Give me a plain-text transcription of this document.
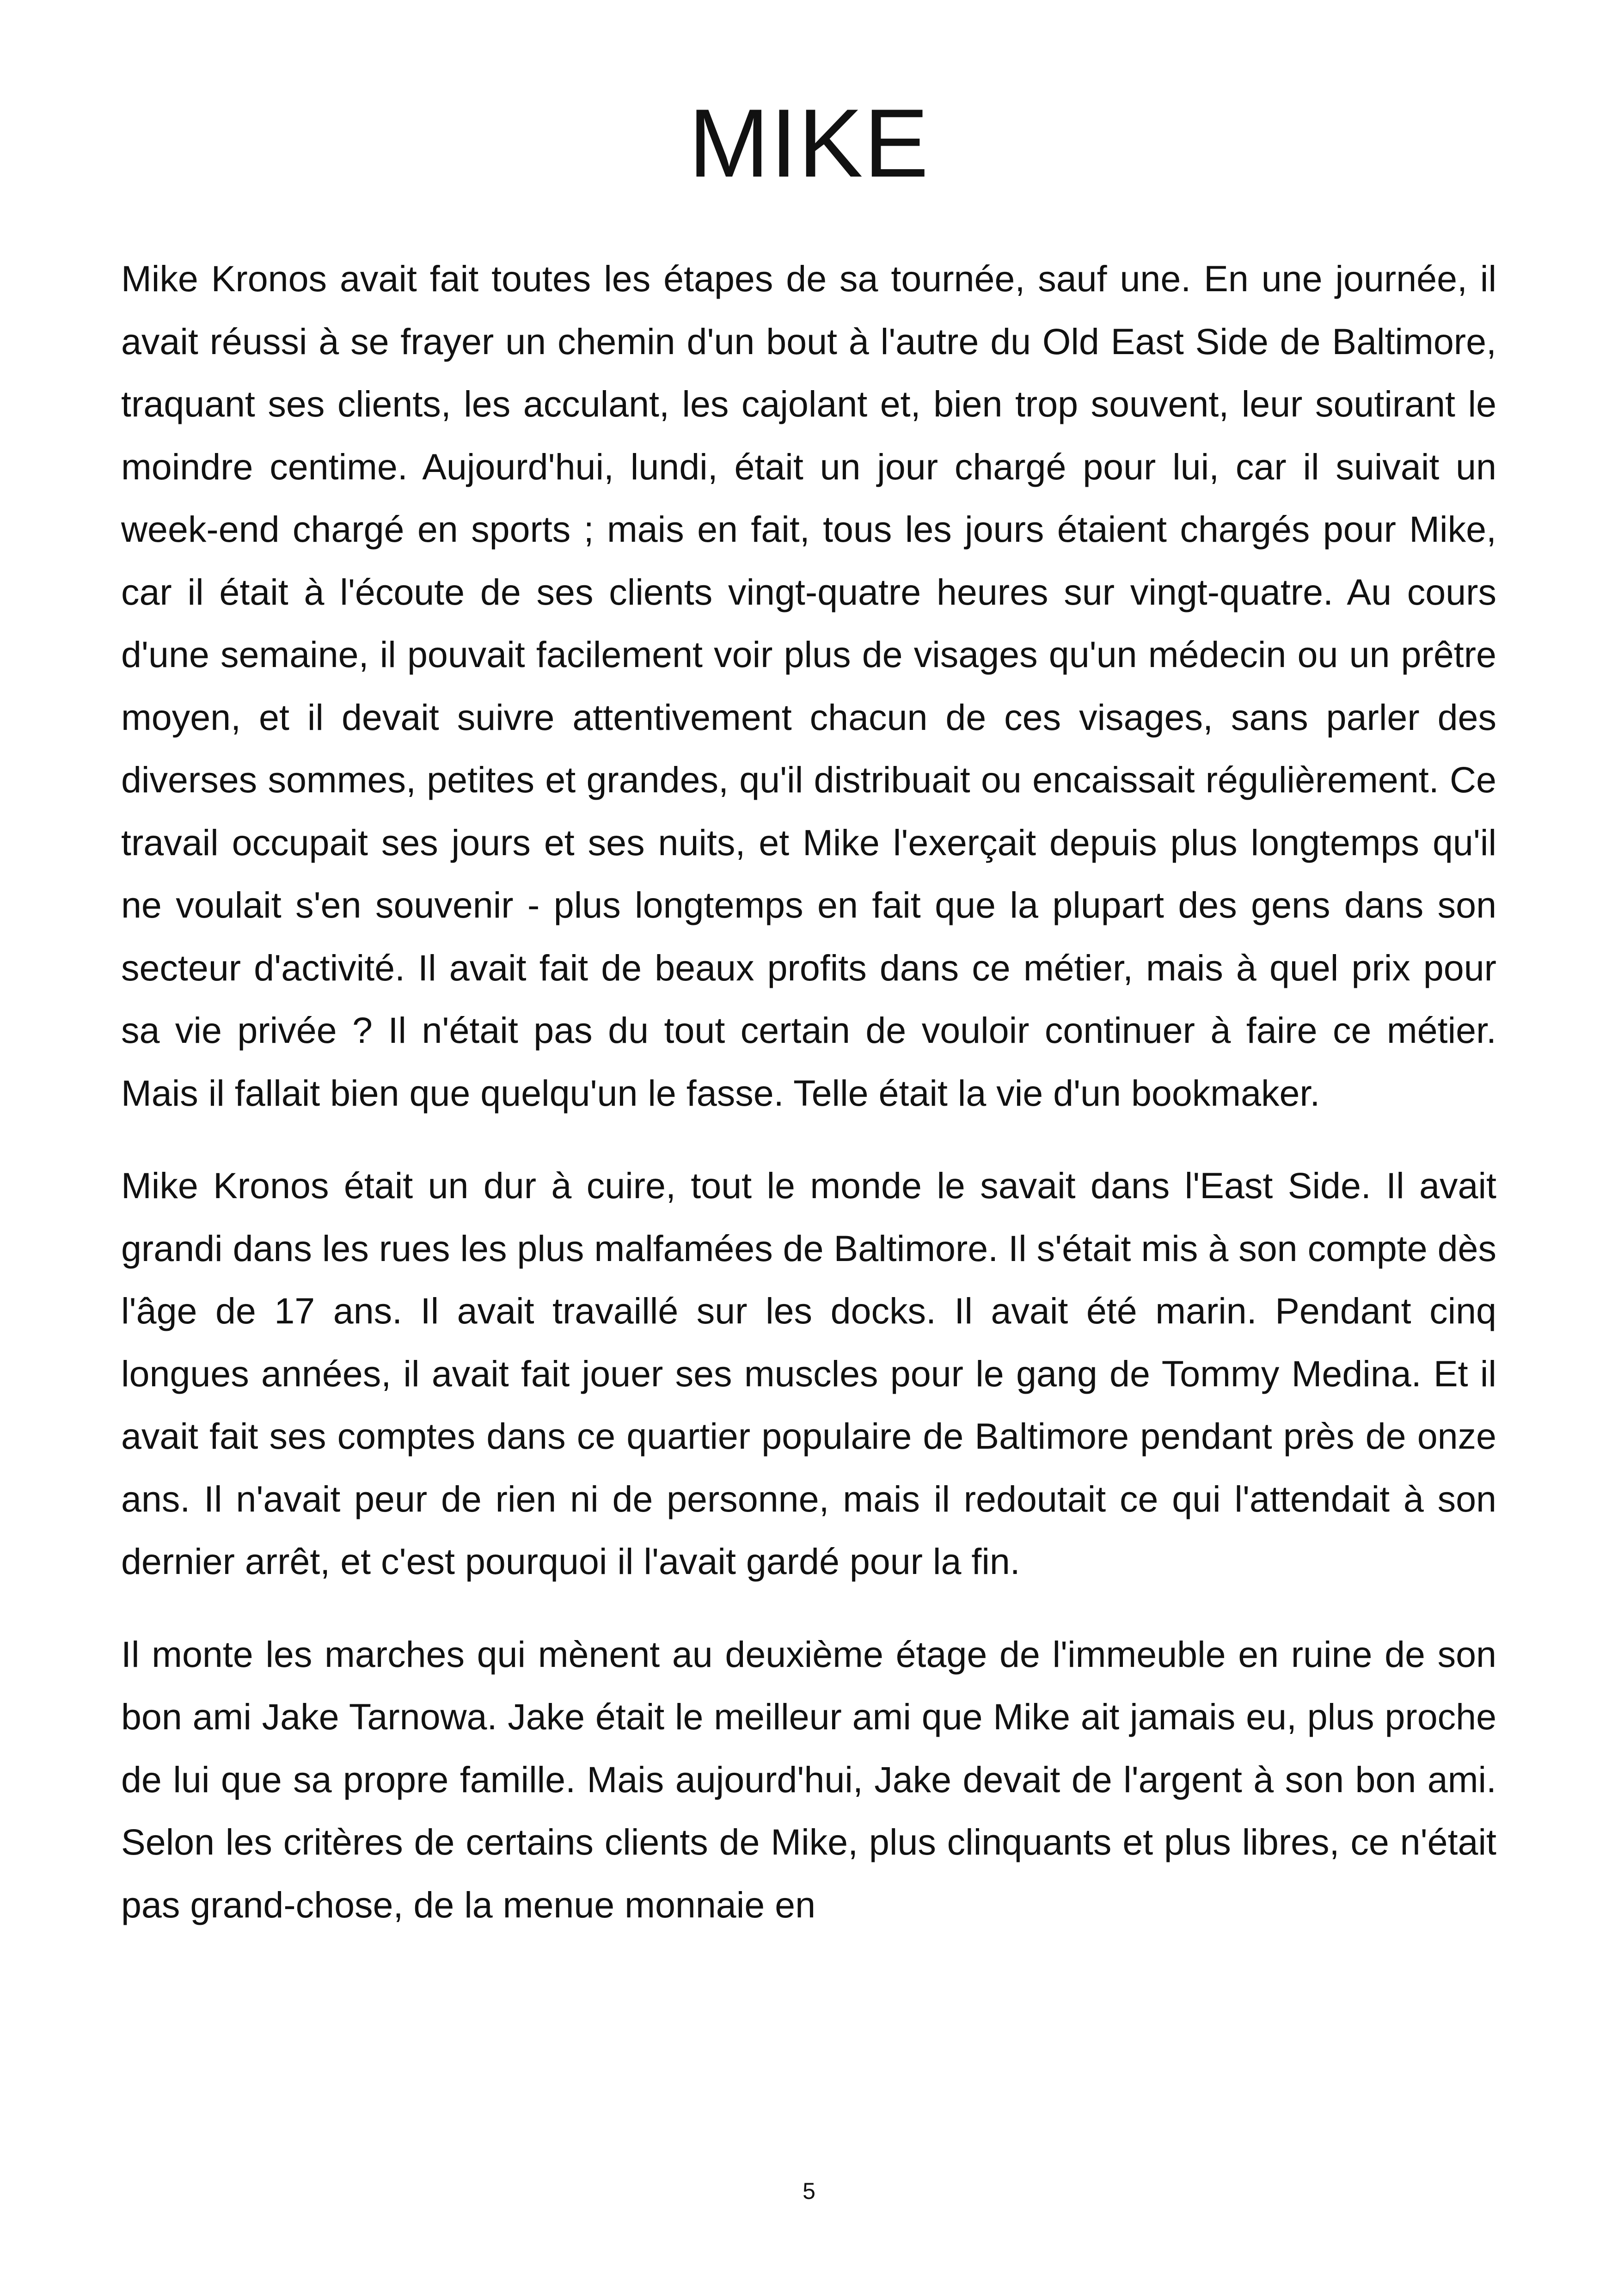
MIKE

Mike Kronos avait fait toutes les étapes de sa tournée, sauf une. En une journée, il avait réussi à se frayer un chemin d'un bout à l'autre du Old East Side de Baltimore, traquant ses clients, les acculant, les cajolant et, bien trop souvent, leur soutirant le moindre centime. Aujourd'hui, lundi, était un jour chargé pour lui, car il suivait un week-end chargé en sports ; mais en fait, tous les jours étaient chargés pour Mike, car il était à l'écoute de ses clients vingt-quatre heures sur vingt-quatre. Au cours d'une semaine, il pouvait facilement voir plus de visages qu'un médecin ou un prêtre moyen, et il devait suivre attentivement chacun de ces visages, sans parler des diverses sommes, petites et grandes, qu'il distribuait ou encaissait régulièrement. Ce travail occupait ses jours et ses nuits, et Mike l'exerçait depuis plus longtemps qu'il ne voulait s'en souvenir - plus longtemps en fait que la plupart des gens dans son secteur d'activité. Il avait fait de beaux profits dans ce métier, mais à quel prix pour sa vie privée ? Il n'était pas du tout certain de vouloir continuer à faire ce métier. Mais il fallait bien que quelqu'un le fasse. Telle était la vie d'un bookmaker.

Mike Kronos était un dur à cuire, tout le monde le savait dans l'East Side. Il avait grandi dans les rues les plus malfamées de Baltimore. Il s'était mis à son compte dès l'âge de 17 ans. Il avait travaillé sur les docks. Il avait été marin. Pendant cinq longues années, il avait fait jouer ses muscles pour le gang de Tommy Medina. Et il avait fait ses comptes dans ce quartier populaire de Baltimore pendant près de onze ans. Il n'avait peur de rien ni de personne, mais il redoutait ce qui l'attendait à son dernier arrêt, et c'est pourquoi il l'avait gardé pour la fin.

Il monte les marches qui mènent au deuxième étage de l'immeuble en ruine de son bon ami Jake Tarnowa. Jake était le meilleur ami que Mike ait jamais eu, plus proche de lui que sa propre famille. Mais aujourd'hui, Jake devait de l'argent à son bon ami. Selon les critères de certains clients de Mike, plus clinquants et plus libres, ce n'était pas grand-chose, de la menue monnaie en

5
